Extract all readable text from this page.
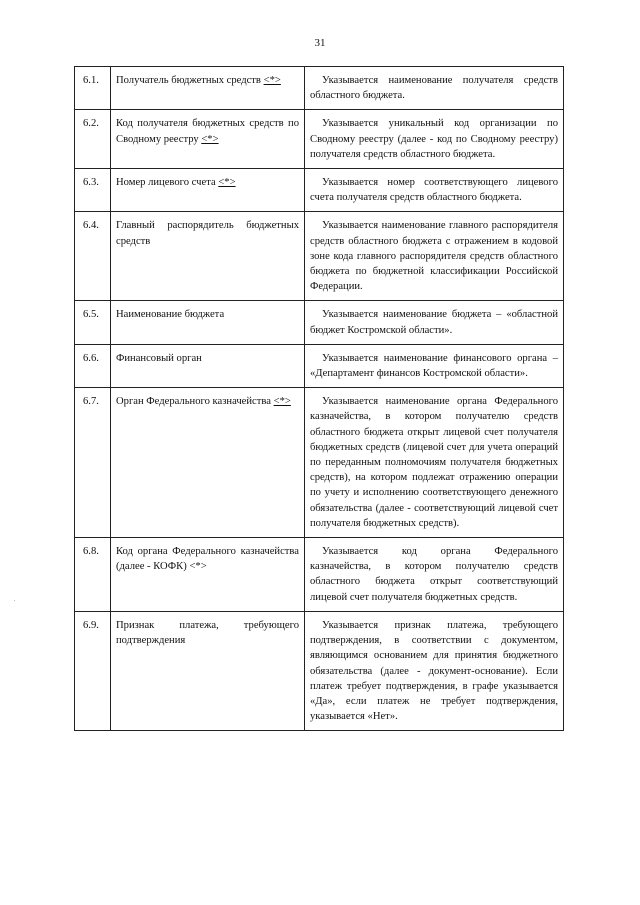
31
6.1.	Получатель бюджетных средств <*>	Указывается наименование получателя средств областного бюджета.

6.2.	Код получателя бюджетных средств по Сводному реестру <*>	Указывается уникальный код организации по Сводному реестру (далее - код по Сводному реестру) получателя средств областного бюджета.

6.3.	Номер лицевого счета <*>	Указывается номер соответствующего лицевого счета получателя средств областного бюджета.

6.4.	Главный распорядитель бюджетных средств	Указывается наименование главного распорядителя средств областного бюджета с отражением в кодовой зоне кода главного распорядителя средств областного бюджета по бюджетной классификации Российской Федерации.

6.5.	Наименование бюджета	Указывается наименование бюджета – «областной бюджет Костромской области».

6.6.	Финансовый орган	Указывается наименование финансового органа – «Департамент финансов Костромской области».

6.7.	Орган Федерального казначейства <*>	Указывается наименование органа Федерального казначейства, в котором получателю средств областного бюджета открыт лицевой счет получателя бюджетных средств (лицевой счет для учета операций по переданным полномочиям получателя бюджетных средств), на котором подлежат отражению операции по учету и исполнению соответствующего денежного обязательства (далее - соответствующий лицевой счет получателя бюджетных средств).

6.8.	Код органа Федерального казначейства (далее - КОФК) <*>	Указывается код органа Федерального казначейства, в котором получателю средств областного бюджета открыт соответствующий лицевой счет получателя бюджетных средств.

6.9.	Признак платежа, требующего подтверждения	Указывается признак платежа, требующего подтверждения, в соответствии с документом, являющимся основанием для принятия бюджетного обязательства (далее - документ-основание). Если платеж требует подтверждения, в графе указывается «Да», если платеж не требует подтверждения, указывается «Нет».
